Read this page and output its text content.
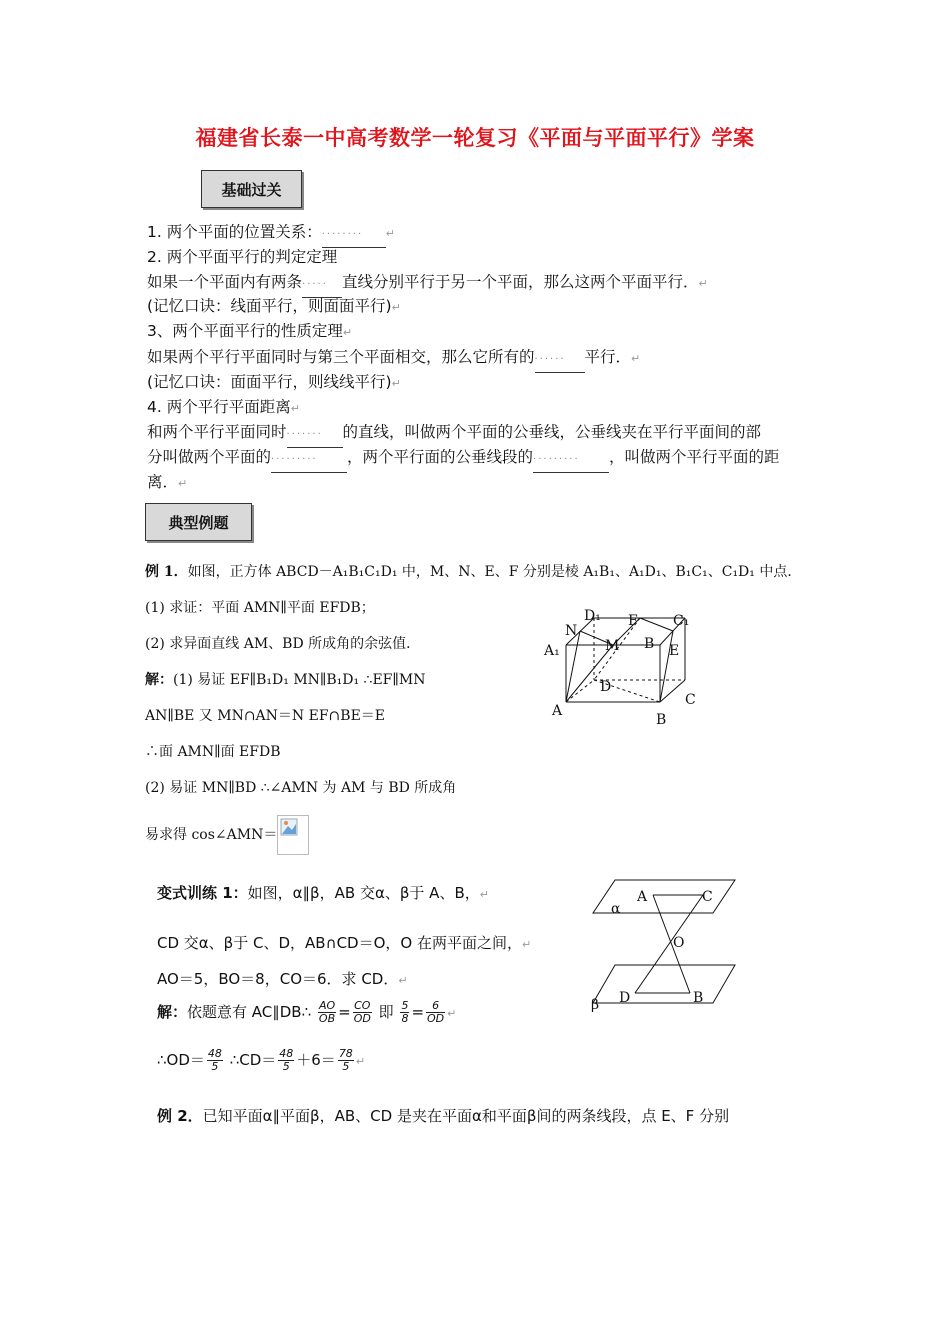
福建省长泰一中高考数学一轮复习《平面与平面平行》学案
基础过关
1. 两个平面的位置关系：········ ↵
2. 两个平面平行的判定定理
如果一个平面内有两条····· 直线分别平行于另一个平面，那么这两个平面平行．↵
(记忆口诀：线面平行，则面面平行)↵
3、两个平面平行的性质定理↵
如果两个平行平面同时与第三个平面相交，那么它所有的······ 平行．↵
(记忆口诀：面面平行，则线线平行)↵
4. 两个平行平面距离↵
和两个平行平面同时······· 的直线，叫做两个平面的公垂线，公垂线夹在平行平面间的部
分叫做两个平面的········· ，两个平行面的公垂线段的········· ，叫做两个平行平面的距
离．↵
典型例题
例 1．如图，正方体 ABCD－A₁B₁C₁D₁ 中，M、N、E、F 分别是棱 A₁B₁、A₁D₁、B₁C₁、C₁D₁ 中点．
(1) 求证：平面 AMN∥平面 EFDB；
(2) 求异面直线 AM、BD 所成角的余弦值．
解：(1) 易证 EF∥B₁D₁ MN∥B₁D₁ ∴EF∥MN
AN∥BE 又 MN∩AN＝N EF∩BE＝E
∴面 AMN∥面 EFDB
(2) 易证 MN∥BD ∴∠AMN 为 AM 与 BD 所成角
易求得 cos∠AMN＝
D₁ F	C₁
N
M B
A₁	E
D
C
A
B
变式训练 1：如图，α∥β，AB 交α、β于 A、B，↵
CD 交α、β于 C、D，AB∩CD＝O，O 在两平面之间，↵
AO＝5，BO＝8，CO＝6．求 CD．↵
解：依题意有 AC∥DB∴ $\frac{AO}{OB} = \frac{CO}{OD}$ 即 $\frac{5}{8} = \frac{6}{OD}$ ↵
∴OD＝ $\frac{48}{5}$ ∴CD＝ $\frac{48}{5} +6= \frac{78}{5}$ ↵
A	C
α
O
β D	B
例 2．已知平面α∥平面β，AB、CD 是夹在平面α和平面β间的两条线段，点 E、F 分别
